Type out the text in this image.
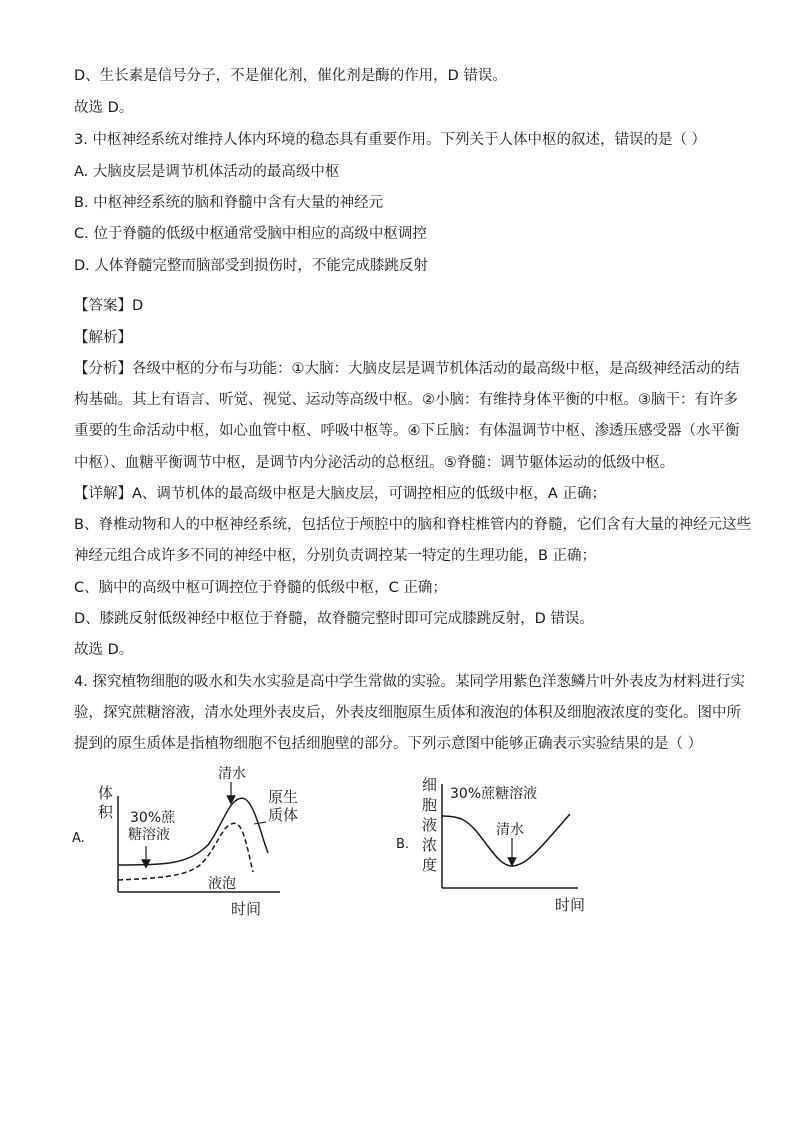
D、生长素是信号分子，不是催化剂，催化剂是酶的作用，D 错误。
故选 D。
3. 中枢神经系统对维持人体内环境的稳态具有重要作用。下列关于人体中枢的叙述，错误的是（ ）
A. 大脑皮层是调节机体活动的最高级中枢
B. 中枢神经系统的脑和脊髓中含有大量的神经元
C. 位于脊髓的低级中枢通常受脑中相应的高级中枢调控
D. 人体脊髓完整而脑部受到损伤时，不能完成膝跳反射
【答案】D
【解析】
【分析】各级中枢的分布与功能：①大脑：大脑皮层是调节机体活动的最高级中枢，是高级神经活动的结
构基础。其上有语言、听觉、视觉、运动等高级中枢。②小脑：有维持身体平衡的中枢。③脑干：有许多
重要的生命活动中枢，如心血管中枢、呼吸中枢等。④下丘脑：有体温调节中枢、渗透压感受器（水平衡
中枢）、血糖平衡调节中枢，是调节内分泌活动的总枢纽。⑤脊髓：调节躯体运动的低级中枢。
【详解】A、调节机体的最高级中枢是大脑皮层，可调控相应的低级中枢，A 正确；
B、脊椎动物和人的中枢神经系统，包括位于颅腔中的脑和脊柱椎管内的脊髓，它们含有大量的神经元这些
神经元组合成许多不同的神经中枢，分别负责调控某一特定的生理功能，B 正确；
C、脑中的高级中枢可调控位于脊髓的低级中枢，C 正确；
D、膝跳反射低级神经中枢位于脊髓，故脊髓完整时即可完成膝跳反射，D 错误。
故选 D。
4. 探究植物细胞的吸水和失水实验是高中学生常做的实验。某同学用紫色洋葱鳞片叶外表皮为材料进行实
验，探究蔗糖溶液，清水处理外表皮后，外表皮细胞原生质体和液泡的体积及细胞液浓度的变化。图中所
提到的原生质体是指植物细胞不包括细胞壁的部分。下列示意图中能够正确表示实验结果的是（ ）
A.
体
积 30%蔗
糖溶液
清水
原生
质体
液泡
时间
B.
细
胞
液
浓
度
30%蔗糖溶液
清水
时间
